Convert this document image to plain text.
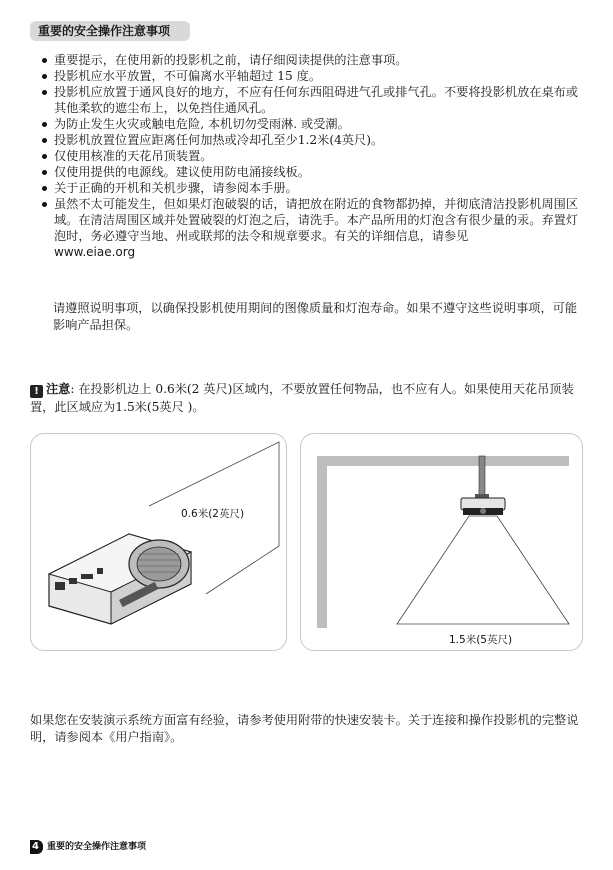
重要的安全操作注意事项
重要提示，在使用新的投影机之前，请仔细阅读提供的注意事项。
投影机应水平放置，不可偏离水平轴超过 15 度。
投影机应放置于通风良好的地方，不应有任何东西阻碍进气孔或排气孔。不要将投影机放在桌布或其他柔软的遮尘布上，以免挡住通风孔。
为防止发生火灾或触电危险, 本机切勿受雨淋. 或受潮。
投影机放置位置应距离任何加热或冷却孔至少1.2米(4英尺)。
仅使用核准的天花吊顶装置。
仅使用提供的电源线。建议使用防电涌接线板。
关于正确的开机和关机步骤，请参阅本手册。
虽然不太可能发生，但如果灯泡破裂的话，请把放在附近的食物都扔掉，并彻底清洁投影机周围区域。在清洁周围区域并处置破裂的灯泡之后，请洗手。本产品所用的灯泡含有很少量的汞。弃置灯泡时，务必遵守当地、州或联邦的法令和规章要求。有关的详细信息，请参见
www.eiae.org
请遵照说明事项，以确保投影机使用期间的图像质量和灯泡寿命。如果不遵守这些说明事项，可能影响产品担保。
! 注意: 在投影机边上 0.6米(2 英尺)区域内，不要放置任何物品，也不应有人。如果使用天花吊顶装置，此区域应为1.5米(5英尺 )。
0.6米(2英尺)
1.5米(5英尺)
如果您在安装演示系统方面富有经验，请参考使用附带的快速安装卡。关于连接和操作投影机的完整说明，请参阅本《用户指南》。
4 重要的安全操作注意事项
